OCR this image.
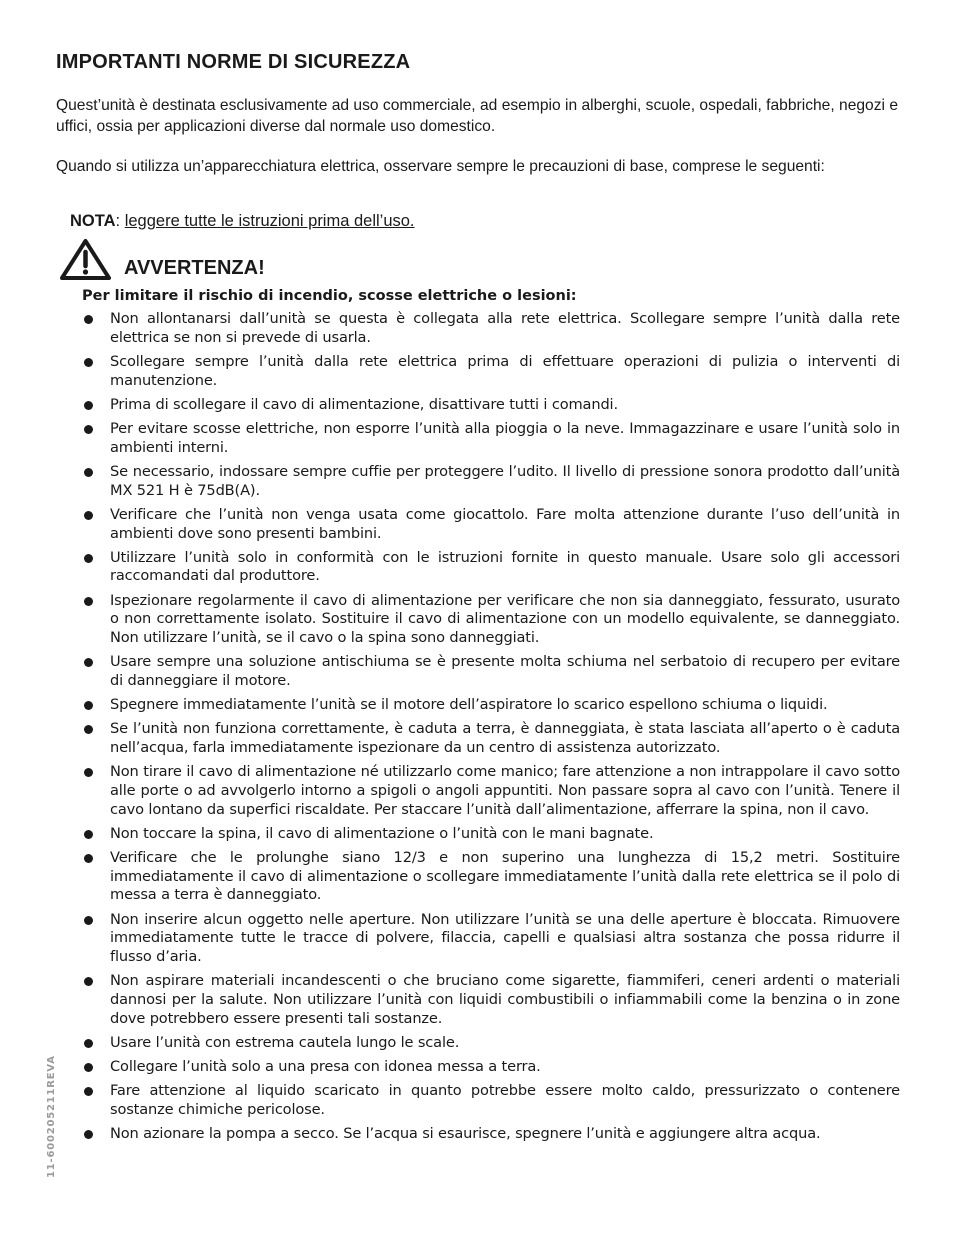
IMPORTANTI NORME DI SICUREZZA

Quest’unità è destinata esclusivamente ad uso commerciale, ad esempio in alberghi, scuole, ospedali, fabbriche, negozi e uffici, ossia per applicazioni diverse dal normale uso domestico.

Quando si utilizza un’apparecchiatura elettrica, osservare sempre le precauzioni di base, comprese le seguenti:

NOTA: leggere tutte le istruzioni prima dell’uso.

AVVERTENZA!

Per limitare il rischio di incendio, scosse elettriche o lesioni:

Non allontanarsi dall’unità se questa è collegata alla rete elettrica. Scollegare sempre l’unità dalla rete elettrica se non si prevede di usarla.
Scollegare sempre l’unità dalla rete elettrica prima di effettuare operazioni di pulizia o interventi di manutenzione.
Prima di scollegare il cavo di alimentazione, disattivare tutti i comandi.
Per evitare scosse elettriche, non esporre l’unità alla pioggia o la neve. Immagazzinare e usare l’unità solo in ambienti interni.
Se necessario, indossare sempre cuffie per proteggere l’udito. Il livello di pressione sonora prodotto dall’unità MX 521 H è 75dB(A).
Verificare che l’unità non venga usata come giocattolo. Fare molta attenzione durante l’uso dell’unità in ambienti dove sono presenti bambini.
Utilizzare l’unità solo in conformità con le istruzioni fornite in questo manuale. Usare solo gli accessori raccomandati dal produttore.
Ispezionare regolarmente il cavo di alimentazione per verificare che non sia danneggiato, fessurato, usurato o non correttamente isolato. Sostituire il cavo di alimentazione con un modello equivalente, se danneggiato. Non utilizzare l’unità, se il cavo o la spina sono danneggiati.
Usare sempre una soluzione antischiuma se è presente molta schiuma nel serbatoio di recupero per evitare di danneggiare il motore.
Spegnere immediatamente l’unità se il motore dell’aspiratore lo scarico espellono schiuma o liquidi.
Se l’unità non funziona correttamente, è caduta a terra, è danneggiata, è stata lasciata all’aperto o è caduta nell’acqua, farla immediatamente ispezionare da un centro di assistenza autorizzato.
Non tirare il cavo di alimentazione né utilizzarlo come manico; fare attenzione a non intrappolare il cavo sotto alle porte o ad avvolgerlo intorno a spigoli o angoli appuntiti. Non passare sopra al cavo con l’unità. Tenere il cavo lontano da superfici riscaldate. Per staccare l’unità dall’alimentazione, afferrare la spina, non il cavo.
Non toccare la spina, il cavo di alimentazione o l’unità con le mani bagnate.
Verificare che le prolunghe siano 12/3 e non superino una lunghezza di 15,2 metri. Sostituire immediatamente il cavo di alimentazione o scollegare immediatamente l’unità dalla rete elettrica se il polo di messa a terra è danneggiato.
Non inserire alcun oggetto nelle aperture. Non utilizzare l’unità se una delle aperture è bloccata. Rimuovere immediatamente tutte le tracce di polvere, filaccia, capelli e qualsiasi altra sostanza che possa ridurre il flusso d’aria.
Non aspirare materiali incandescenti o che bruciano come sigarette, fiammiferi, ceneri ardenti o materiali dannosi per la salute. Non utilizzare l’unità con liquidi combustibili o infiammabili come la benzina o in zone dove potrebbero essere presenti tali sostanze.
Usare l’unità con estrema cautela lungo le scale.
Collegare l’unità solo a una presa con idonea messa a terra.
Fare attenzione al liquido scaricato in quanto potrebbe essere molto caldo, pressurizzato o contenere sostanze chimiche pericolose.
Non azionare la pompa a secco. Se l’acqua si esaurisce, spegnere l’unità e aggiungere altra acqua.
11-600205211REVA
